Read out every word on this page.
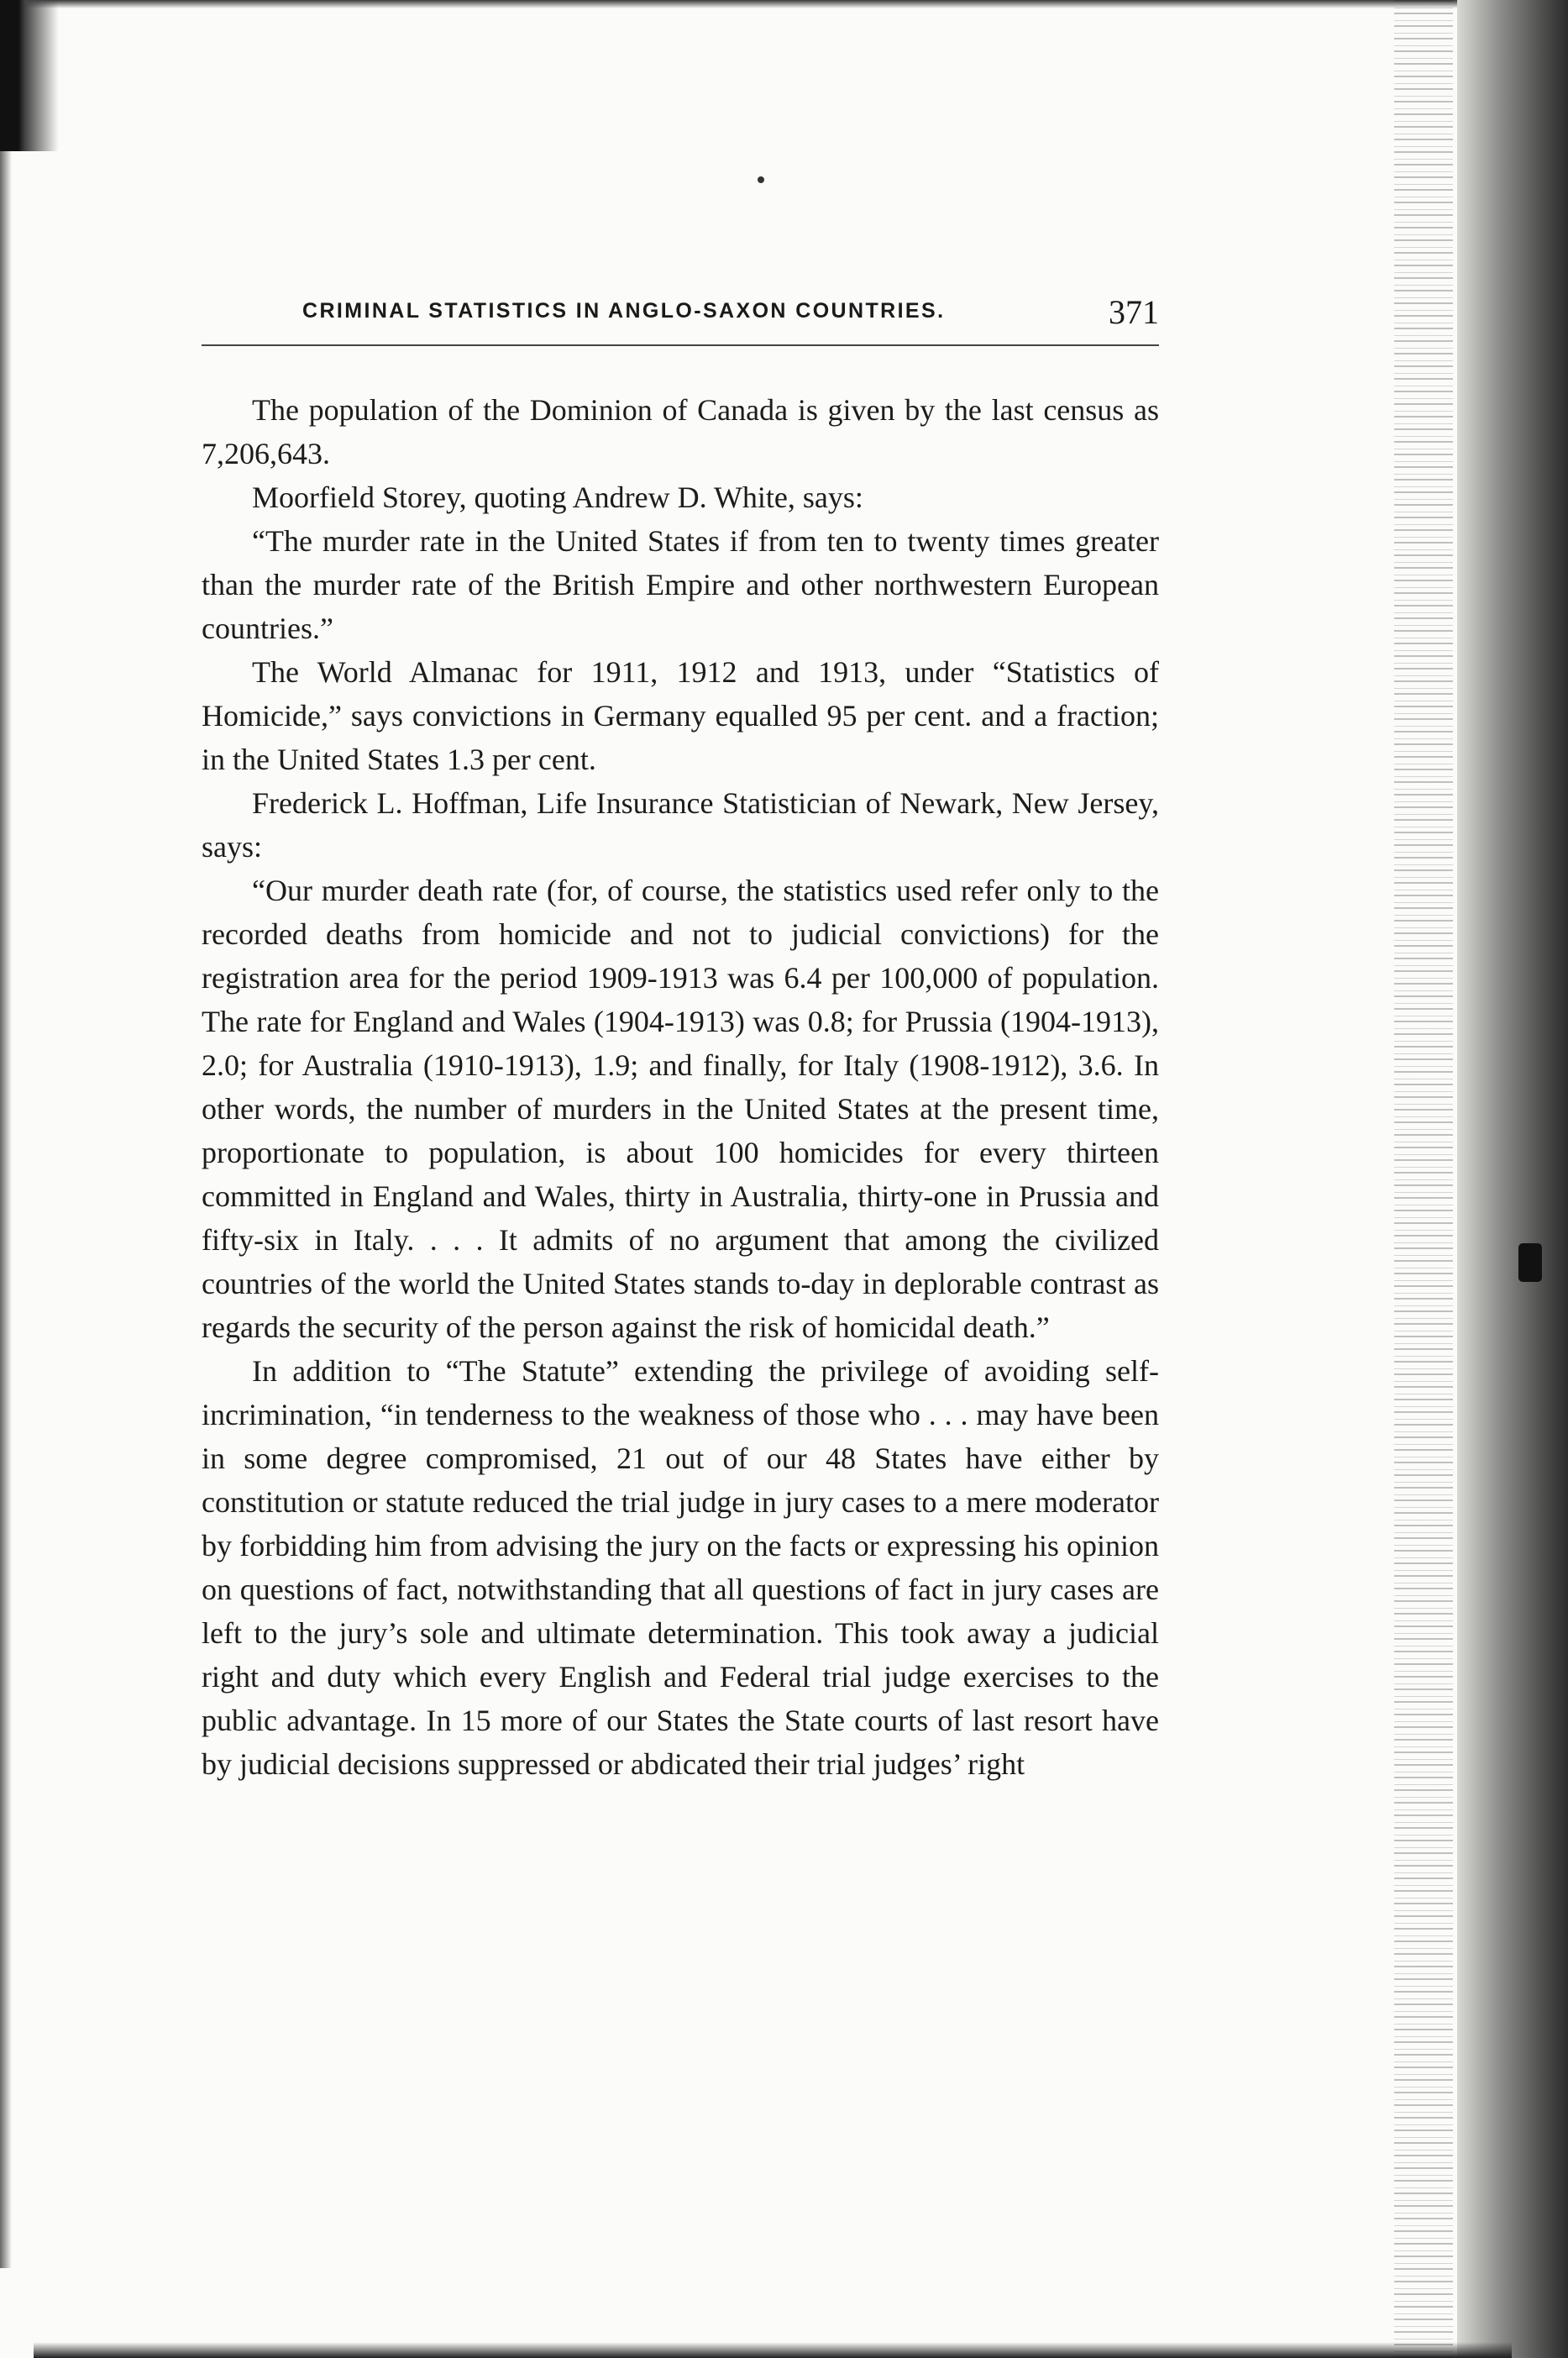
CRIMINAL STATISTICS IN ANGLO-SAXON COUNTRIES.	371

The population of the Dominion of Canada is given by the last census as 7,206,643.

Moorfield Storey, quoting Andrew D. White, says:

“The murder rate in the United States if from ten to twenty times greater than the murder rate of the British Empire and other northwestern European countries.”

The World Almanac for 1911, 1912 and 1913, under “Statistics of Homicide,” says convictions in Germany equalled 95 per cent. and a fraction; in the United States 1.3 per cent.

Frederick L. Hoffman, Life Insurance Statistician of Newark, New Jersey, says:

“Our murder death rate (for, of course, the statistics used refer only to the recorded deaths from homicide and not to judicial convictions) for the registration area for the period 1909-1913 was 6.4 per 100,000 of population. The rate for England and Wales (1904-1913) was 0.8; for Prussia (1904-1913), 2.0; for Australia (1910-1913), 1.9; and finally, for Italy (1908-1912), 3.6. In other words, the number of murders in the United States at the present time, proportionate to population, is about 100 homicides for every thirteen committed in England and Wales, thirty in Australia, thirty-one in Prussia and fifty-six in Italy. . . . It admits of no argument that among the civilized countries of the world the United States stands to-day in deplorable contrast as regards the security of the person against the risk of homicidal death.”

In addition to “The Statute” extending the privilege of avoiding self-incrimination, “in tenderness to the weakness of those who . . . may have been in some degree compromised, 21 out of our 48 States have either by constitution or statute reduced the trial judge in jury cases to a mere moderator by forbidding him from advising the jury on the facts or expressing his opinion on questions of fact, notwithstanding that all questions of fact in jury cases are left to the jury’s sole and ultimate determination. This took away a judicial right and duty which every English and Federal trial judge exercises to the public advantage. In 15 more of our States the State courts of last resort have by judicial decisions suppressed or abdicated their trial judges’ right
